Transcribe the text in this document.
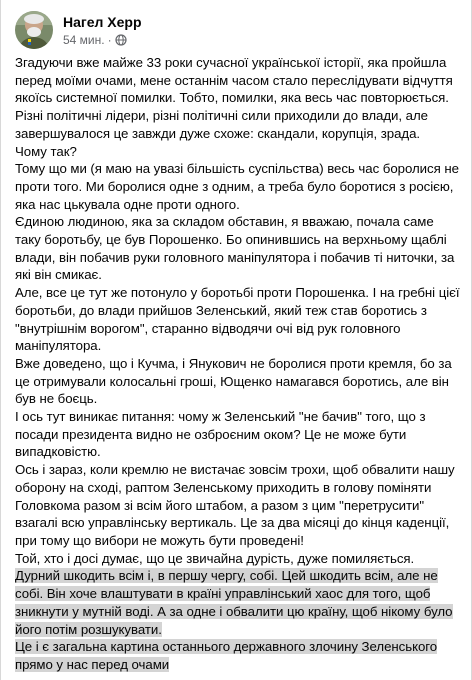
Нагел Херр
54 мин. ·

Згадуючи вже майже 33 роки сучасної української історії, яка пройшла перед моїми очами, мене останнім часом стало переслідувати відчуття якоїсь системної помилки. Тобто, помилки, яка весь час повторюється.

Різні політичні лідери, різні політичні сили приходили до влади, але завершувалося це завжди дуже схоже: скандали, корупція, зрада.

Чому так?

Тому що ми (я маю на увазі більшість суспільства) весь час боролися не проти того. Ми боролися одне з одним, а треба було боротися з росією, яка нас цькувала одне проти одного.

Єдиною людиною, яка за складом обставин, я вважаю, почала саме таку боротьбу, це був Порошенко. Бо опинившись на верхньому щаблі влади, він побачив руки головного маніпулятора і побачив ті ниточки, за які він смикає.

Але, все це тут же потонуло у боротьбі проти Порошенка. І на гребні цієї боротьби, до влади прийшов Зеленський, який теж став боротись з "внутрішнім ворогом", старанно відводячи очі від рук головного маніпулятора.

Вже доведено, що і Кучма, і Янукович не боролися проти кремля, бо за це отримували колосальні гроші, Ющенко намагався боротись, але він був не боєць.

І ось тут виникає питання: чому ж Зеленський "не бачив" того, що з посади президента видно не озброєним оком? Це не може бути випадковістю.

Ось і зараз, коли кремлю не вистачає зовсім трохи, щоб обвалити нашу оборону на сході, раптом Зеленському приходить в голову поміняти Головкома разом зі всім його штабом, а разом з цим "перетрусити" взагалі всю управлінську вертикаль. Це за два місяці до кінця каденції, при тому що вибори не можуть бути проведені!

Той, хто і досі думає, що це звичайна дурість, дуже помиляється.

Дурний шкодить всім і, в першу чергу, собі. Цей шкодить всім, але не собі. Він хоче влаштувати в країні управлінський хаос для того, щоб зникнути у мутній воді. А за одне і обвалити цю країну, щоб нікому було його потім розшукувати.

Це і є загальна картина останнього державного злочину Зеленського прямо у нас перед очами
